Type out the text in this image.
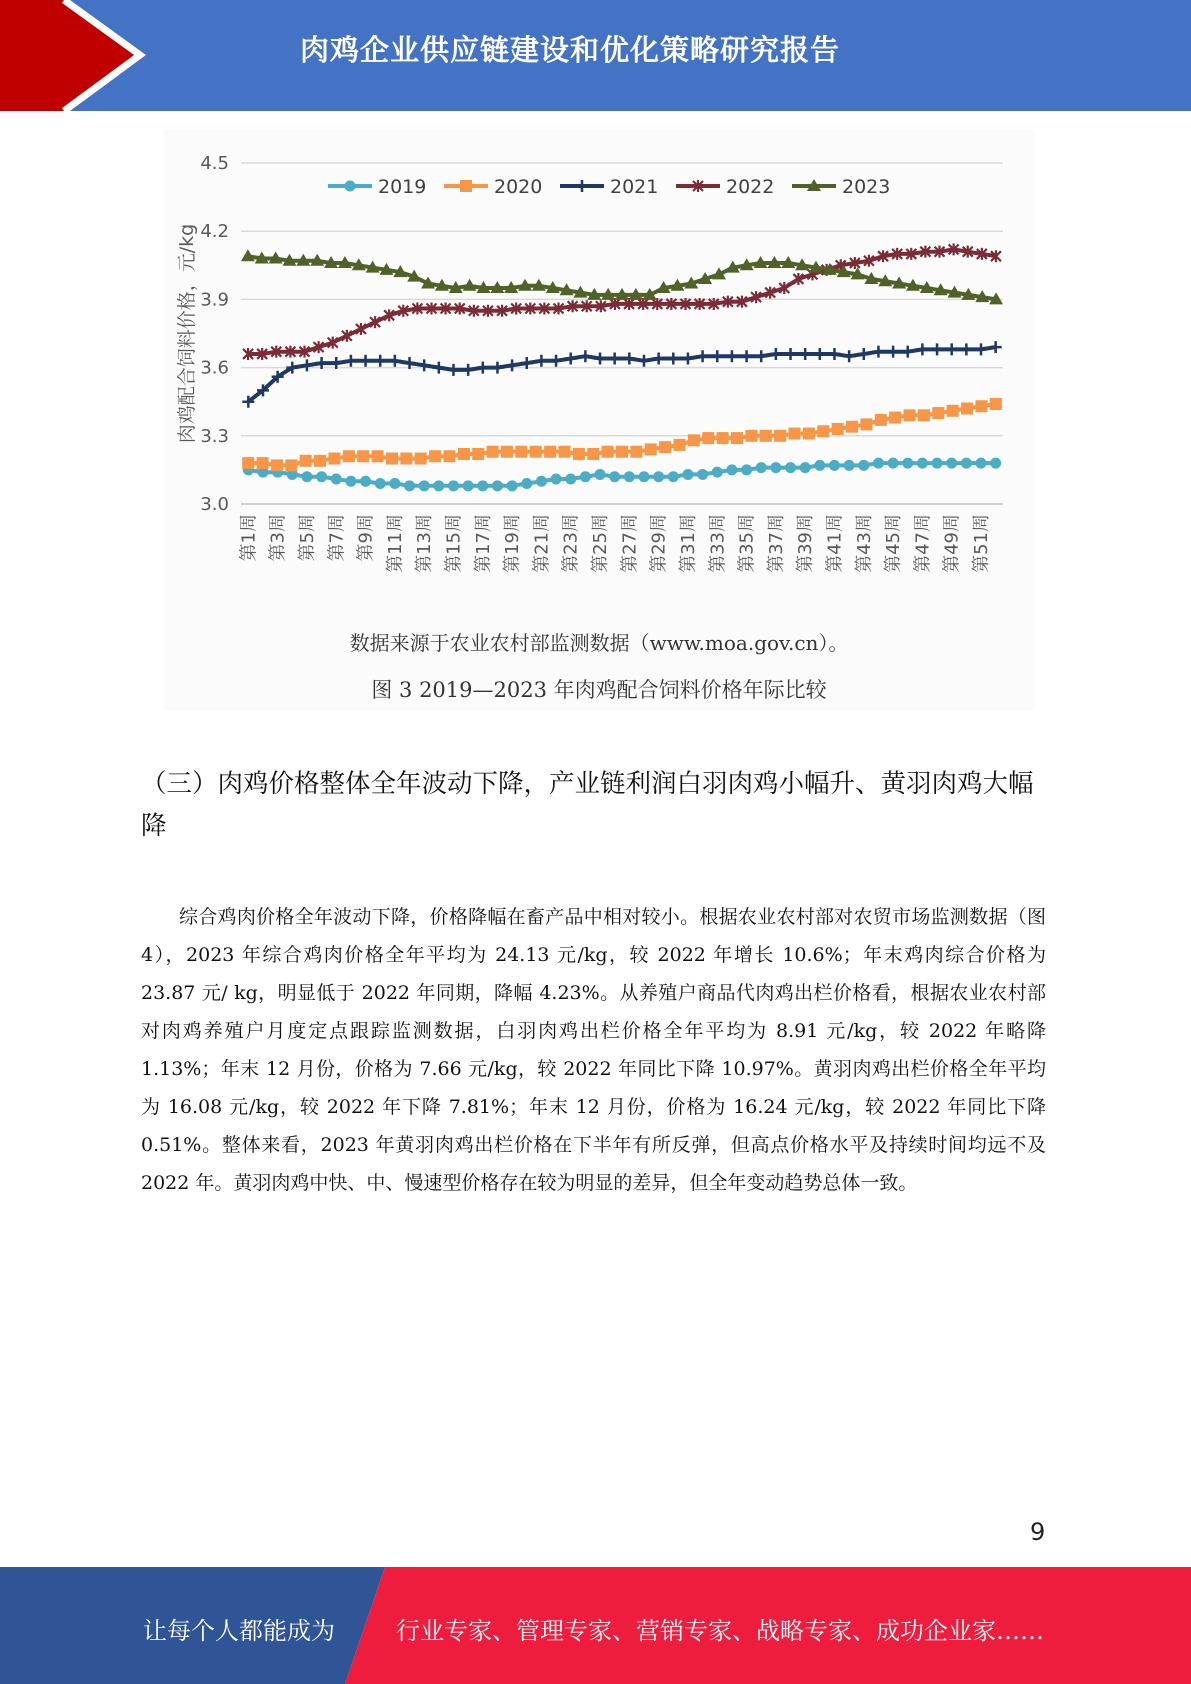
肉鸡企业供应链建设和优化策略研究报告
3.0
3.3
3.6
3.9
4.2
4.5
肉鸡配合饲料价格，元/kg
第1周 第3周 第5周 第7周 第9周 第11周 第13周 第15周 第17周 第19周 第21周 第23周 第25周 第27周 第29周 第31周 第33周 第35周 第37周 第39周 第41周 第43周 第45周 第47周 第49周 第51周
2019	2020	2021	2022	2023
数据来源于农业农村部监测数据（www.moa.gov.cn）。
图 3 2019—2023 年肉鸡配合饲料价格年际比较
（三）肉鸡价格整体全年波动下降，产业链利润白羽肉鸡小幅升、黄羽肉鸡大幅降
综合鸡肉价格全年波动下降，价格降幅在畜产品中相对较小。根据农业农村部对农贸市场监测数据（图 4），2023 年综合鸡肉价格全年平均为 24.13 元/kg，较 2022 年增长 10.6%；年末鸡肉综合价格为 23.87 元/ kg，明显低于 2022 年同期，降幅 4.23%。从养殖户商品代肉鸡出栏价格看，根据农业农村部对肉鸡养殖户月度定点跟踪监测数据，白羽肉鸡出栏价格全年平均为 8.91 元/kg，较 2022 年略降 1.13%；年末 12 月份，价格为 7.66 元/kg，较 2022 年同比下降 10.97%。黄羽肉鸡出栏价格全年平均为 16.08 元/kg，较 2022 年下降 7.81%；年末 12 月份，价格为 16.24 元/kg，较 2022 年同比下降 0.51%。整体来看，2023 年黄羽肉鸡出栏价格在下半年有所反弹，但高点价格水平及持续时间均远不及 2022 年。黄羽肉鸡中快、中、慢速型价格存在较为明显的差异，但全年变动趋势总体一致。
9
让每个人都能成为	行业专家、管理专家、营销专家、战略专家、成功企业家……
